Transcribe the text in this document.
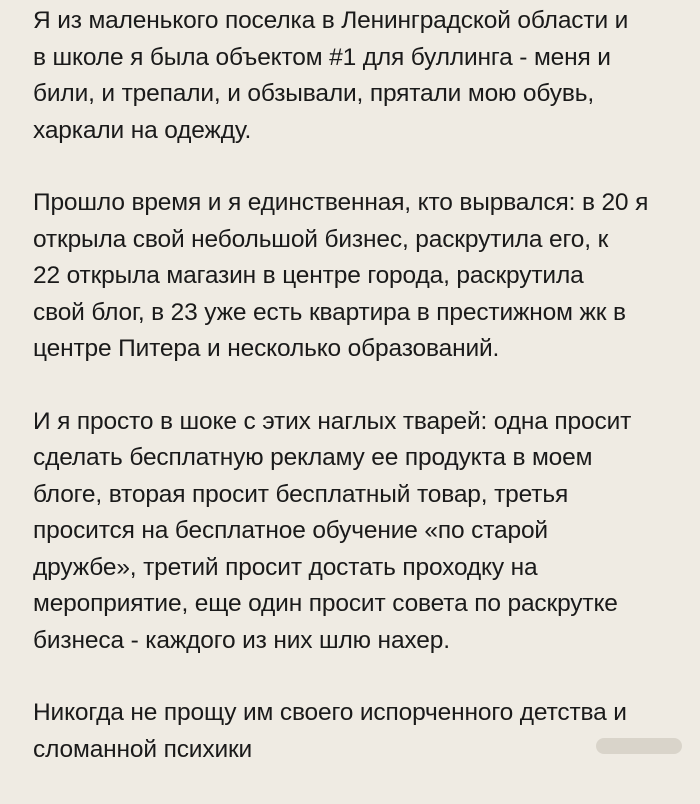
Я из маленького поселка в Ленинградской области и
в школе я была объектом #1 для буллинга - меня и
били, и трепали, и обзывали, прятали мою обувь,
харкали на одежду.

Прошло время и я единственная, кто вырвался: в 20 я
открыла свой небольшой бизнес, раскрутила его, к
22 открыла магазин в центре города, раскрутила
свой блог, в 23 уже есть квартира в престижном жк в
центре Питера и несколько образований.

И я просто в шоке с этих наглых тварей: одна просит
сделать бесплатную рекламу ее продукта в моем
блоге, вторая просит бесплатный товар, третья
просится на бесплатное обучение «по старой
дружбе», третий просит достать проходку на
мероприятие, еще один просит совета по раскрутке
бизнеса - каждого из них шлю нахер.

Никогда не прощу им своего испорченного детства и
сломанной психики
